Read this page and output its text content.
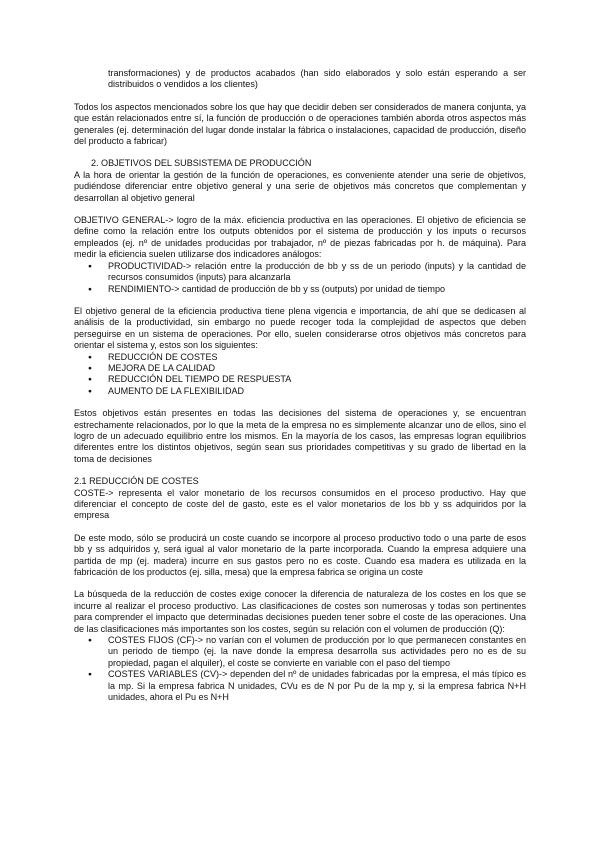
transformaciones) y de productos acabados (han sido elaborados y solo están esperando a ser distribuidos o vendidos a los clientes)

Todos los aspectos mencionados sobre los que hay que decidir deben ser considerados de manera conjunta, ya que están relacionados entre sí, la función de producción o de operaciones también aborda otros aspectos más generales (ej. determinación del lugar donde instalar la fábrica o instalaciones, capacidad de producción, diseño del producto a fabricar)

2. OBJETIVOS DEL SUBSISTEMA DE PRODUCCIÓN

A la hora de orientar la gestión de la función de operaciones, es conveniente atender una serie de objetivos, pudiéndose diferenciar entre objetivo general y una serie de objetivos más concretos que complementan y desarrollan al objetivo general

OBJETIVO GENERAL-> logro de la máx. eficiencia productiva en las operaciones. El objetivo de eficiencia se define como la relación entre los outputs obtenidos por el sistema de producción y los inputs o recursos empleados (ej. nº de unidades producidas por trabajador, nº de piezas fabricadas por h. de máquina). Para medir la eficiencia suelen utilizarse dos indicadores análogos:

● PRODUCTIVIDAD-> relación entre la producción de bb y ss de un periodo (inputs) y la cantidad de recursos consumidos (inputs) para alcanzarla
● RENDIMIENTO-> cantidad de producción de bb y ss (outputs) por unidad de tiempo

El objetivo general de la eficiencia productiva tiene plena vigencia e importancia, de ahí que se dedicasen al análisis de la productividad, sin embargo no puede recoger toda la complejidad de aspectos que deben perseguirse en un sistema de operaciones. Por ello, suelen considerarse otros objetivos más concretos para orientar el sistema y, estos son los siguientes:

● REDUCCIÓN DE COSTES
● MEJORA DE LA CALIDAD
● REDUCCIÓN DEL TIEMPO DE RESPUESTA
● AUMENTO DE LA FLEXIBILIDAD

Estos objetivos están presentes en todas las decisiones del sistema de operaciones y, se encuentran estrechamente relacionados, por lo que la meta de la empresa no es simplemente alcanzar uno de ellos, sino el logro de un adecuado equilibrio entre los mismos. En la mayoría de los casos, las empresas logran equilibrios diferentes entre los distintos objetivos, según sean sus prioridades competitivas y su grado de libertad en la toma de decisiones

2.1 REDUCCIÓN DE COSTES

COSTE-> representa el valor monetario de los recursos consumidos en el proceso productivo. Hay que diferenciar el concepto de coste del de gasto, este es el valor monetarios de los bb y ss adquiridos por la empresa

De este modo, sólo se producirá un coste cuando se incorpore al proceso productivo todo o una parte de esos bb y ss adquiridos y, será igual al valor monetario de la parte incorporada. Cuando la empresa adquiere una partida de mp (ej. madera) incurre en sus gastos pero no es coste. Cuando esa madera es utilizada en la fabricación de los productos (ej. silla, mesa) que la empresa fabrica se origina un coste

La búsqueda de la reducción de costes exige conocer la diferencia de naturaleza de los costes en los que se incurre al realizar el proceso productivo. Las clasificaciones de costes son numerosas y todas son pertinentes para comprender el impacto que determinadas decisiones pueden tener sobre el coste de las operaciones. Una de las clasificaciones más importantes son los costes, según su relación con el volumen de producción (Q):

● COSTES FIJOS (CF)-> no varían con el volumen de producción por lo que permanecen constantes en un periodo de tiempo (ej. la nave donde la empresa desarrolla sus actividades pero no es de su propiedad, pagan el alquiler), el coste se convierte en variable con el paso del tiempo
● COSTES VARIABLES (CV)-> dependen del nº de unidades fabricadas por la empresa, el más típico es la mp. Si la empresa fabrica N unidades, CVu es de N por Pu de la mp y, si la empresa fabrica N+H unidades, ahora el Pu es N+H
